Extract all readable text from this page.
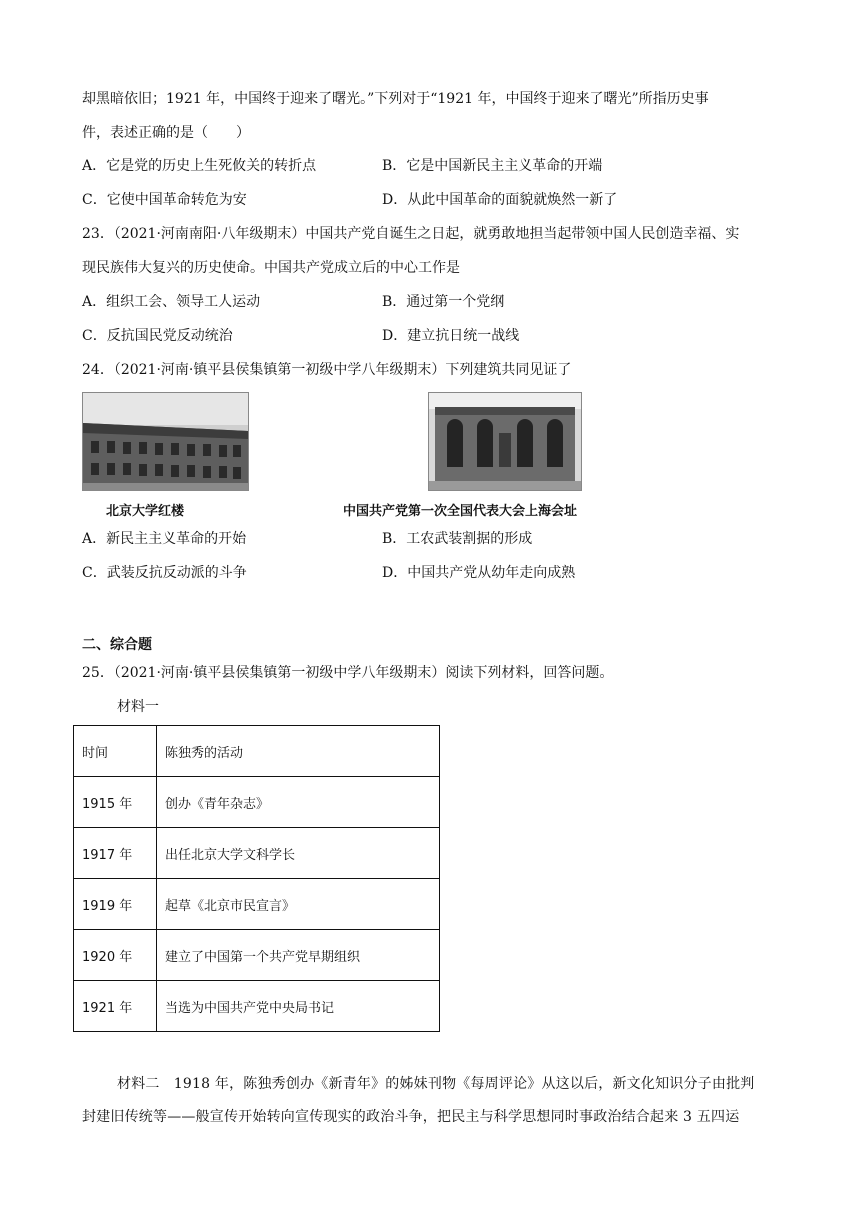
却黑暗依旧；1921 年，中国终于迎来了曙光。”下列对于“1921 年，中国终于迎来了曙光”所指历史事
件，表述正确的是（　　）
A．它是党的历史上生死攸关的转折点	B．它是中国新民主主义革命的开端
C．它使中国革命转危为安	D．从此中国革命的面貌就焕然一新了
23．（2021·河南南阳·八年级期末）中国共产党自诞生之日起，就勇敢地担当起带领中国人民创造幸福、实
现民族伟大复兴的历史使命。中国共产党成立后的中心工作是
A．组织工会、领导工人运动	B．通过第一个党纲
C．反抗国民党反动统治	D．建立抗日统一战线
24．（2021·河南·镇平县侯集镇第一初级中学八年级期末）下列建筑共同见证了
北京大学红楼	中国共产党第一次全国代表大会上海会址
A．新民主主义革命的开始	B．工农武装割据的形成
C．武装反抗反动派的斗争	D．中国共产党从幼年走向成熟
二、综合题
25．（2021·河南·镇平县侯集镇第一初级中学八年级期末）阅读下列材料，回答问题。
材料一
时间	陈独秀的活动
1915 年	创办《青年杂志》
1917 年	出任北京大学文科学长
1919 年	起草《北京市民宣言》
1920 年	建立了中国第一个共产党早期组织
1921 年	当选为中国共产党中央局书记
材料二　1918 年，陈独秀创办《新青年》的姊妹刊物《每周评论》从这以后，新文化知识分子由批判
封建旧传统等——般宣传开始转向宣传现实的政治斗争，把民主与科学思想同时事政治结合起来 3 五四运
